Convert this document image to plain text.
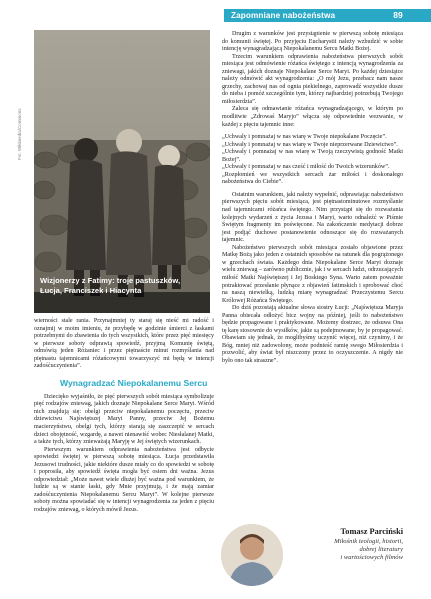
Zapomniane nabożeństwa	89
Fot. Wikimedia/Commons
Wizjonerzy z Fatimy: troje pastuszków,
Łucja, Franciszek i Hiacynta

wierności stale rania. Przynajmniej ty staraj się nieść mi radość i oznajmij w moim imieniu, że przybędę w godzinie śmierci z łaskami potrzebnymi do zbawienia do tych wszystkich, które przez pięć miesięcy w pierwsze soboty odprawią spowiedź, przyjmą Komunię świętą, odmówią jeden Różaniec i przez piętnaście minut rozmyślania nad piętnastu tajemnicami różańcowymi towarzyszyć mi będą w intencji zadośćuczynienia”.

Wynagradzać Niepokalanemu Sercu

Dziecięko wyjaśniło, że pięć pierwszych sobót miesiąca symbolizuje pięć rodzajów zniewag, jakich doznaje Niepokalane Serce Maryi. Wśród nich znajdują się: obelgi przeciw niepokalanemu poczęciu, przeciw dziewictwu Najświętszej Maryi Panny, przeciw Jej Bożemu macierzyństwu, obelgi tych, którzy starają się zaszczepić w sercach dzieci obojętność, wzgardę, a nawet nienawiść wobec Niesłalanej Matki, a także tych, którzy znieważają Maryję w Jej świętych wizerunkach.

Pierwszym warunkiem odprawienia nabożeństwa jest odbycie spowiedzi świętej w pierwszą sobotę miesiąca. Łucja przedstawiła Jezusowi trudności, jakie niektóre dusze miały co do spowiedzi w sobotę i poprosiła, aby spowiedź święta mogła być osiem dni ważna. Jezus odpowiedział: „Może nawet wiele dłużej być ważna pod warunkiem, że ludzie są w stanie łaski, gdy Mnie przyjmują, i że mają zamiar zadośćuczynienia Niepokalanemu Sercu Maryi”. W kolejne pierwsze soboty można spowiadać się w intencji wynagrodzenia za jeden z pięciu rodzajów zniewag, o których mówił Jezus.

Drugim z warunków jest przystąpienie w pierwszą sobotę miesiąca do komunii świętej. Po przyjęciu Eucharystii należy wzbudzić w sobie intencję wynagradzającą Niepokalanemu Sercu Matki Bożej.

Trzecim warunkiem odprawienia nabożeństwa pierwszych sobót miesiąca jest odmówienie różańca świętego z intencją wynagrodzenia za zniewagi, jakich doznaje Niepokalane Serce Maryi. Po każdej dziesiątce należy odmówić akt wynagrodzenia: „O mój Jezu, przebacz nam nasze grzechy, zachowaj nas od ognia piekielnego, zaprowadź wszystkie dusze do nieba i pomóż szczególnie tym, którzy najbardziej potrzebują Twojego miłosierdzia”.

Zaleca się odmawianie różańca wynagradzającego, w którym po modlitwie „Zdrowaś Maryjo” włącza się odpowiednie wezwanie, w każdej z pięciu tajemnic inne:

„Uchwaly i pomnażaj w nas wiarę w Twoje niepokalane Poczęcie”.

„Uchwaly i pomnażaj w nas wiarę w Twoje nieprzerwane Dziewictwo”.

„Uchwaly i pomnażaj w nas wiarę w Twoją rzeczywistą godność Matki Bożej”.

„Uchwaly i pomnażaj w nas cześć i miłość do Twoich wizerunków”.

„Rozpłomień we wszystkich sercach żar miłości i doskonałego nabożeństwa do Ciebie”.

Ostatnim warunkiem, jaki należy wypełnić, odprawiając nabożeństwo pierwszych pięciu sobót miesiąca, jest piętnastominutowe rozmyślanie nad tajemnicami różańca świętego. Nim przystąpi się do rozważania kolejnych wydarzeń z życia Jezusa i Maryi, warto odnaleźć w Piśmie Świętym fragmenty im poświęcone. Na zakończenie medytacji dobrze jest podjąć duchowe postanowienie odnoszące się do rozważanych tajemnic.

Nabożeństwo pierwszych sobót miesiąca zostało objawione przez Matkę Bożą jako jeden z ostatnich sposobów na ratunek dla pogrążonego w grzechach świata. Każdego dnia Niepokalane Serce Maryi doznaje wielu zniewag – zarówno publicznie, jak i w sercach ludzi, odrzucających miłość Matki Najświętszej i Jej Boskiego Syna. Warto zatem poważnie potraktować przesłanie płynące z objawień fatimskich i sprobować choć na naszą niewielką, ludzką miarę wynagradzać Przeczystemu Sercu Królowej Różańca Świętego.

Do dziś pozostają aktualne słowa siostry Łucji: „Najświętsza Maryja Panna obiecała odłożyć bicz wojny na później, jeśli to nabożeństwo będzie propagowane i praktykowane. Możemy dostrzec, że odsuwa Ona tę karę stosownie do wysiłków, jakie są podejmowane, by je propagować. Obawiam się jednak, że moglibyśmy uczynić więcej, niż czynimy, i że Bóg, mniej niż zadowolony, może podnieść ramię swego Miłosierdzia i pozwolić, aby świat był niszczony przez to oczyszczenie. A nigdy nie było ono tak straszne”.

Tomasz Parciński
Miłośnik teologii, historii,
dobrej literatury
i wartościowych filmów
